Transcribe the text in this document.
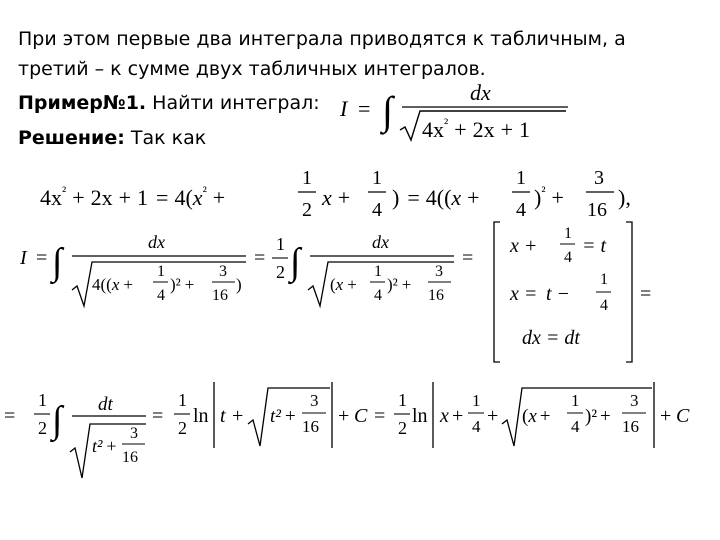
При этом первые два интеграла приводятся к табличным, а
третий – к сумме двух табличных интегралов.
Пример№1. Найти интеграл:
Решение: Так как
I = ∫	dx
$4x^{^2} + 2x + 1$
$4x^{^2} + 2x + 1 = 4(x^{^2}$ +
1
2 x +
1
4 ) = 4((x +
1
4 )$^{^2}$ +
3
16 ),
I = ∫	dx
4((x +
1
4
)² +
3
16
)
=
1
2 ∫	dx
(x +
1
4
)² +
3
16
=
x +
1
4
= t
x = t −
1
4
dx = dt
=
=
1
2 ∫ dt
t² +
3
16
=
1
2
ln t + t² +
3
16 + C =
1
2
ln x +
1
4 + (x +
1
4 )² +
3
16 + C
